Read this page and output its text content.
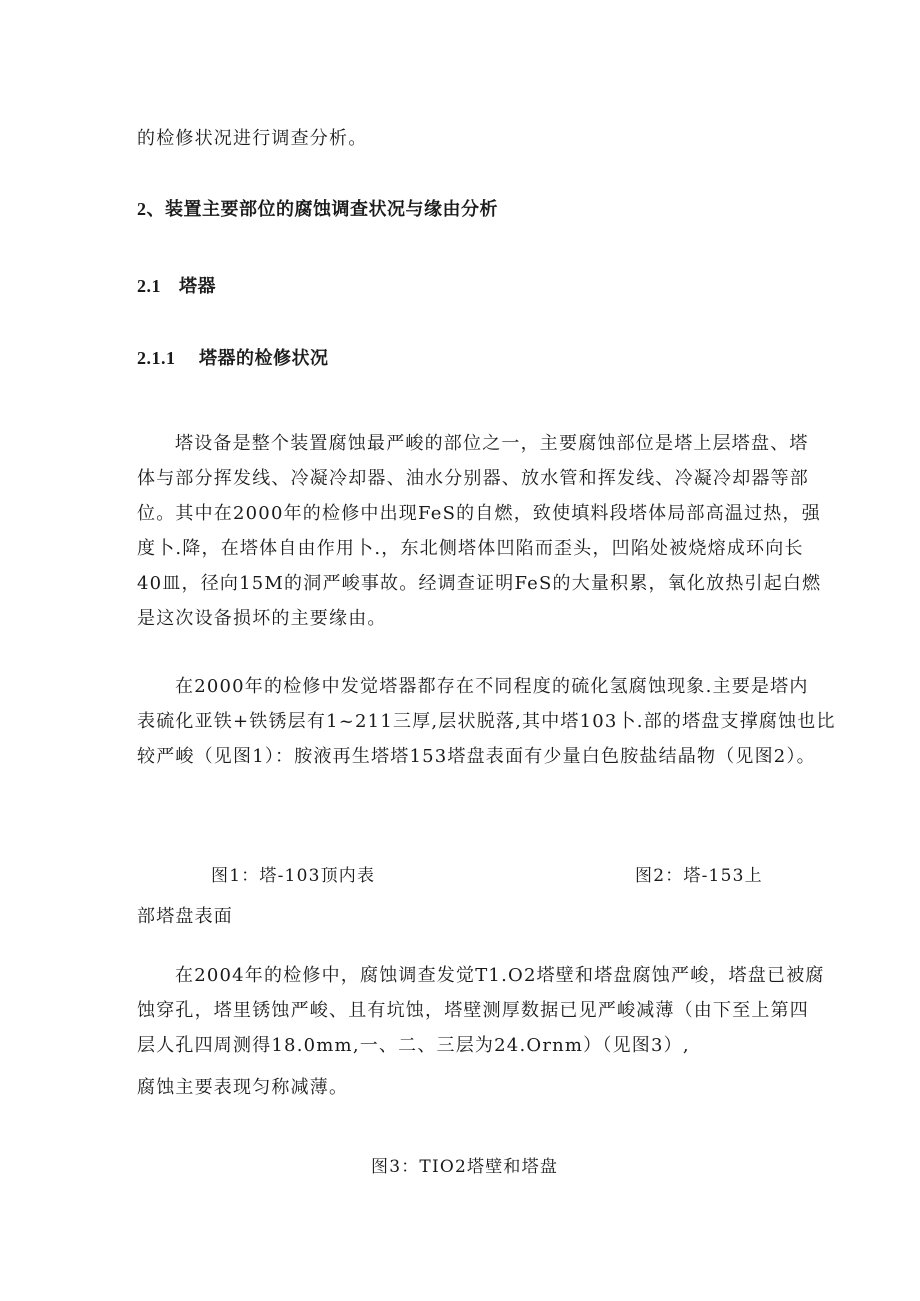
的检修状况进行调查分析。
2、装置主要部位的腐蚀调查状况与缘由分析
2.1 塔器
2.1.1 塔器的检修状况
塔设备是整个装置腐蚀最严峻的部位之一，主要腐蚀部位是塔上层塔盘、塔
体与部分挥发线、冷凝冷却器、油水分别器、放水管和挥发线、冷凝冷却器等部
位。其中在2000年的检修中出现FeS的自燃，致使填料段塔体局部高温过热，强
度卜.降，在塔体自由作用卜.，东北侧塔体凹陷而歪头，凹陷处被烧熔成环向长
40皿，径向15M的洞严峻事故。经调查证明FeS的大量积累，氧化放热引起白燃
是这次设备损坏的主要缘由。
在2000年的检修中发觉塔器都存在不同程度的硫化氢腐蚀现象.主要是塔内
表硫化亚铁+铁锈层有1~211三厚,层状脱落,其中塔103卜.部的塔盘支撑腐蚀也比
较严峻（见图1）：胺液再生塔塔153塔盘表面有少量白色胺盐结晶物（见图2）。
图1：塔-103顶内表	图2：塔-153上
部塔盘表面
在2004年的检修中，腐蚀调查发觉T1.O2塔壁和塔盘腐蚀严峻，塔盘已被腐
蚀穿孔，塔里锈蚀严峻、且有坑蚀，塔壁测厚数据已见严峻减薄（由下至上第四
层人孔四周测得18.0mm,一、二、三层为24.Ornm）（见图3）,
腐蚀主要表现匀称减薄。
图3：TIO2塔壁和塔盘
